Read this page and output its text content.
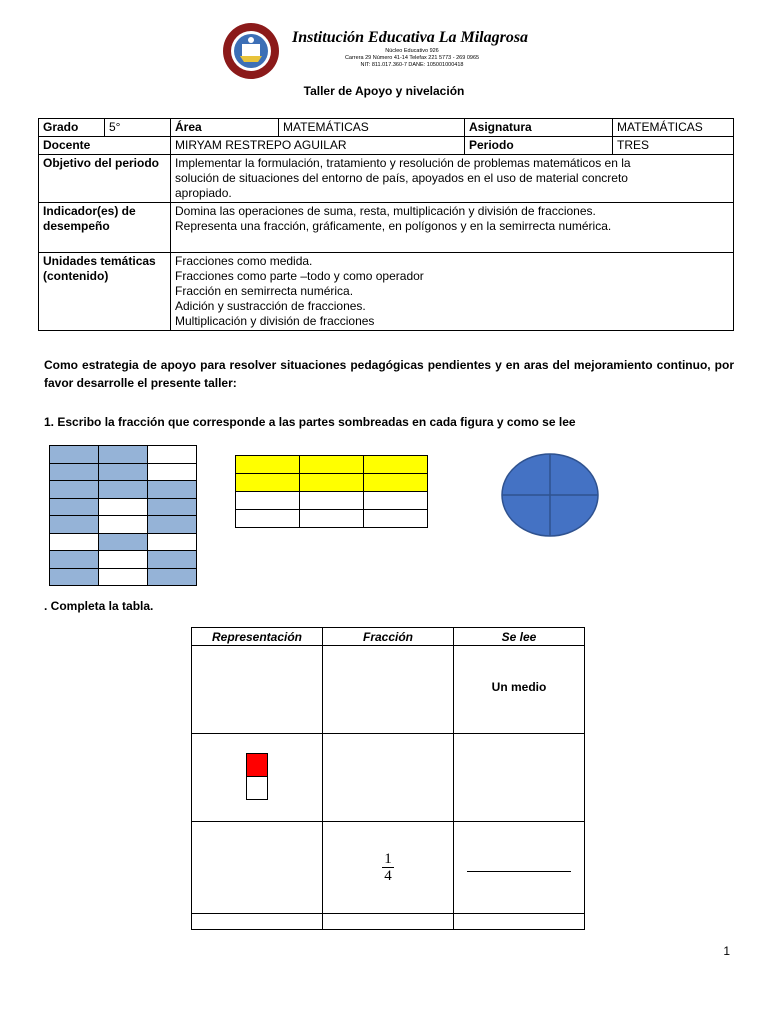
Institución Educativa La Milagrosa
Núcleo Educativo 926
Carrera 29 Número 41-14 Telefax 221 5773 - 269 0965
NIT: 811.017.360-7 DANE: 105001000418
Taller de Apoyo y nivelación
Grado	5°	Área	MATEMÁTICAS	Asignatura	MATEMÁTICAS
Docente		MIRYAM RESTREPO AGUILAR		Periodo	TRES
Objetivo del periodo		Implementar la formulación, tratamiento y resolución de problemas matemáticos en la
solución de situaciones del entorno de país, apoyados en el uso de material concreto
apropiado.			

Indicador(es) de desempeño		Domina las operaciones de suma, resta, multiplicación y división de fracciones.
Representa una fracción, gráficamente, en polígonos y en la semirrecta numérica.			

Unidades temáticas (contenido)		Fracciones como medida.
Fracciones como parte –todo y como operador
Fracción en semirrecta numérica.
Adición y sustracción de fracciones.
Multiplicación y división de fracciones			
Como estrategia de apoyo para resolver situaciones pedagógicas pendientes y en aras del mejoramiento continuo, por favor desarrolle el presente taller:
1. Escribo la fracción que corresponde a las partes sombreadas en cada figura y como se lee

. Completa la tabla.
Representación	Fracción	Se lee
		Un medio

	$\frac{1}{4}$

1
